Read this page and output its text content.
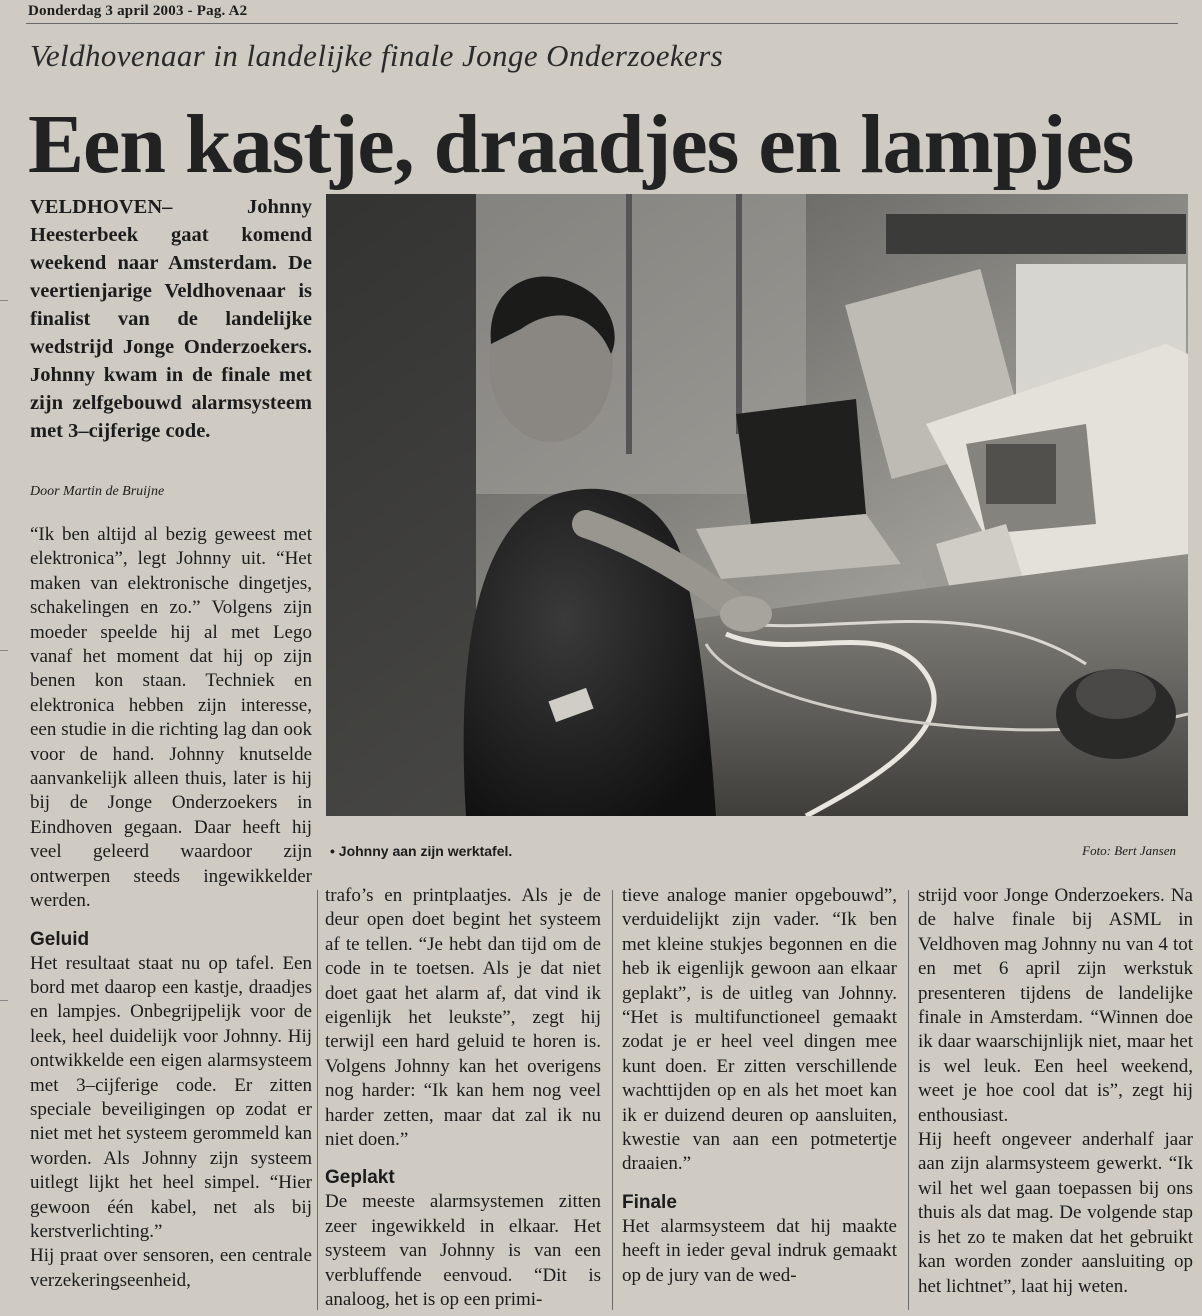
Donderdag 3 april 2003 - Pag. A2
Veldhovenaar in landelijke finale Jonge Onderzoekers
Een kastje, draadjes en lampjes
VELDHOVEN– Johnny Heesterbeek gaat komend weekend naar Amsterdam. De veertienjarige Veldhovenaar is finalist van de landelijke wedstrijd Jonge Onderzoekers. Johnny kwam in de finale met zijn zelfgebouwd alarmsysteem met 3–cijferige code.
Door Martin de Bruijne
• Johnny aan zijn werktafel.	Foto: Bert Jansen

“Ik ben altijd al bezig geweest met elektronica”, legt Johnny uit. “Het maken van elektronische dingetjes, schakelingen en zo.” Volgens zijn moeder speelde hij al met Lego vanaf het moment dat hij op zijn benen kon staan. Techniek en elektronica hebben zijn interesse, een studie in die richting lag dan ook voor de hand. Johnny knutselde aanvankelijk alleen thuis, later is hij bij de Jonge Onderzoekers in Eindhoven gegaan. Daar heeft hij veel geleerd waardoor zijn ontwerpen steeds ingewikkelder werden.

Geluid

Het resultaat staat nu op tafel. Een bord met daarop een kastje, draadjes en lampjes. Onbegrijpelijk voor de leek, heel duidelijk voor Johnny. Hij ontwikkelde een eigen alarmsysteem met 3–cijferige code. Er zitten speciale beveiligingen op zodat er niet met het systeem gerommeld kan worden. Als Johnny zijn systeem uitlegt lijkt het heel simpel. “Hier gewoon één kabel, net als bij kerstverlichting.”

Hij praat over sensoren, een centrale verzekeringseenheid,

trafo’s en printplaatjes. Als je de deur open doet begint het systeem af te tellen. “Je hebt dan tijd om de code in te toetsen. Als je dat niet doet gaat het alarm af, dat vind ik eigenlijk het leukste”, zegt hij terwijl een hard geluid te horen is. Volgens Johnny kan het overigens nog harder: “Ik kan hem nog veel harder zetten, maar dat zal ik nu niet doen.”

Geplakt

De meeste alarmsystemen zitten zeer ingewikkeld in elkaar. Het systeem van Johnny is van een verbluffende eenvoud. “Dit is analoog, het is op een primi-

tieve analoge manier opgebouwd”, verduidelijkt zijn vader. “Ik ben met kleine stukjes begonnen en die heb ik eigenlijk gewoon aan elkaar geplakt”, is de uitleg van Johnny. “Het is multifunctioneel gemaakt zodat je er heel veel dingen mee kunt doen. Er zitten verschillende wachttijden op en als het moet kan ik er duizend deuren op aansluiten, kwestie van aan een potmetertje draaien.”

Finale

Het alarmsysteem dat hij maakte heeft in ieder geval indruk gemaakt op de jury van de wed-

strijd voor Jonge Onderzoekers. Na de halve finale bij ASML in Veldhoven mag Johnny nu van 4 tot en met 6 april zijn werkstuk presenteren tijdens de landelijke finale in Amsterdam. “Winnen doe ik daar waarschijnlijk niet, maar het is wel leuk. Een heel weekend, weet je hoe cool dat is”, zegt hij enthousiast.

Hij heeft ongeveer anderhalf jaar aan zijn alarmsysteem gewerkt. “Ik wil het wel gaan toepassen bij ons thuis als dat mag. De volgende stap is het zo te maken dat het gebruikt kan worden zonder aansluiting op het lichtnet”, laat hij weten.
